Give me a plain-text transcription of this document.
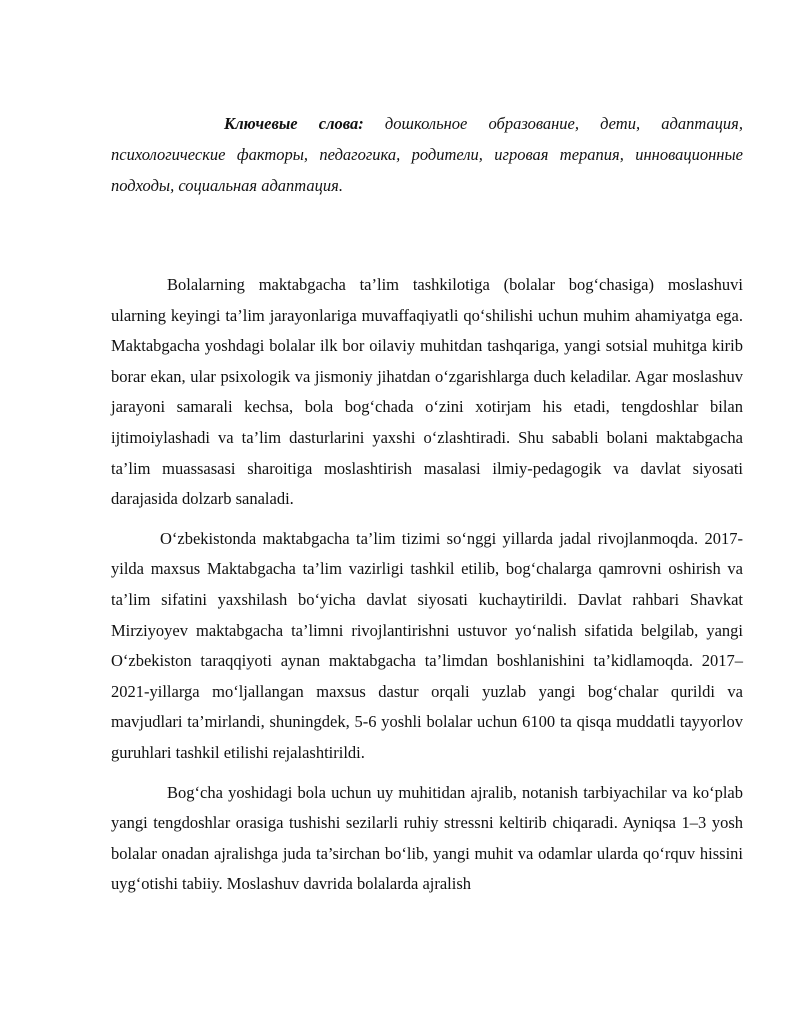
Ключевые слова: дошкольное образование, дети, адаптация, психологические факторы, педагогика, родители, игровая терапия, инновационные подходы, социальная адаптация.

Bolalarning maktabgacha ta’lim tashkilotiga (bolalar bog‘chasiga) moslashuvi ularning keyingi ta’lim jarayonlariga muvaffaqiyatli qo‘shilishi uchun muhim ahamiyatga ega. Maktabgacha yoshdagi bolalar ilk bor oilaviy muhitdan tashqariga, yangi sotsial muhitga kirib borar ekan, ular psixologik va jismoniy jihatdan o‘zgarishlarga duch keladilar. Agar moslashuv jarayoni samarali kechsa, bola bog‘chada o‘zini xotirjam his etadi, tengdoshlar bilan ijtimoiylashadi va ta’lim dasturlarini yaxshi o‘zlashtiradi. Shu sababli bolani maktabgacha ta’lim muassasasi sharoitiga moslashtirish masalasi ilmiy-pedagogik va davlat siyosati darajasida dolzarb sanaladi.

O‘zbekistonda maktabgacha ta’lim tizimi so‘nggi yillarda jadal rivojlanmoqda. 2017-yilda maxsus Maktabgacha ta’lim vazirligi tashkil etilib, bog‘chalarga qamrovni oshirish va ta’lim sifatini yaxshilash bo‘yicha davlat siyosati kuchaytirildi. Davlat rahbari Shavkat Mirziyoyev maktabgacha ta’limni rivojlantirishni ustuvor yo‘nalish sifatida belgilab, yangi O‘zbekiston taraqqiyoti aynan maktabgacha ta’limdan boshlanishini ta’kidlamoqda. 2017–2021-yillarga mo‘ljallangan maxsus dastur orqali yuzlab yangi bog‘chalar qurildi va mavjudlari ta’mirlandi, shuningdek, 5-6 yoshli bolalar uchun 6100 ta qisqa muddatli tayyorlov guruhlari tashkil etilishi rejalashtirildi.

Bog‘cha yoshidagi bola uchun uy muhitidan ajralib, notanish tarbiyachilar va ko‘plab yangi tengdoshlar orasiga tushishi sezilarli ruhiy stressni keltirib chiqaradi. Ayniqsa 1–3 yosh bolalar onadan ajralishga juda ta’sirchan bo‘lib, yangi muhit va odamlar ularda qo‘rquv hissini uyg‘otishi tabiiy. Moslashuv davrida bolalarda ajralish
